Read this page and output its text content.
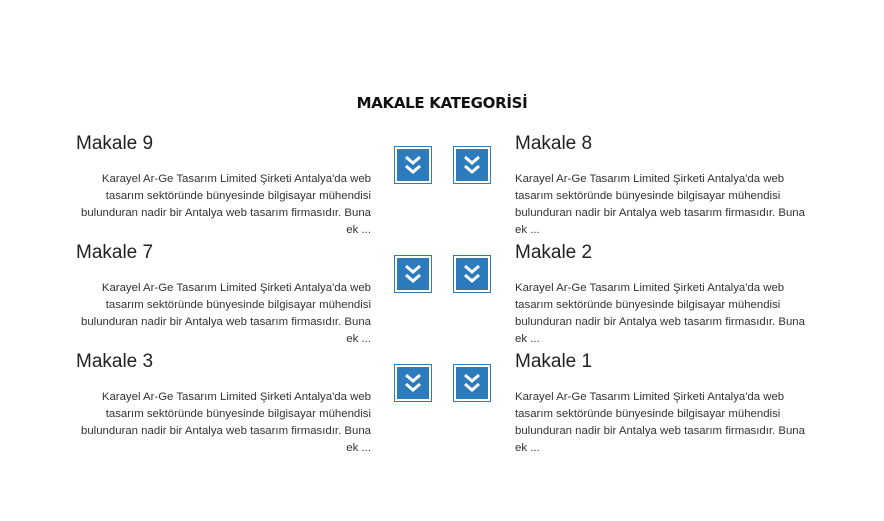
MAKALE KATEGORİSİ
Makale 9

Karayel Ar-Ge Tasarım Limited Şirketi Antalya'da web tasarım sektöründe bünyesinde bilgisayar mühendisi bulunduran nadir bir Antalya web tasarım firmasıdır. Buna ek ...

Makale 8

Karayel Ar-Ge Tasarım Limited Şirketi Antalya'da web tasarım sektöründe bünyesinde bilgisayar mühendisi bulunduran nadir bir Antalya web tasarım firmasıdır. Buna ek ...

Makale 7

Karayel Ar-Ge Tasarım Limited Şirketi Antalya'da web tasarım sektöründe bünyesinde bilgisayar mühendisi bulunduran nadir bir Antalya web tasarım firmasıdır. Buna ek ...

Makale 2

Karayel Ar-Ge Tasarım Limited Şirketi Antalya'da web tasarım sektöründe bünyesinde bilgisayar mühendisi bulunduran nadir bir Antalya web tasarım firmasıdır. Buna ek ...

Makale 3

Karayel Ar-Ge Tasarım Limited Şirketi Antalya'da web tasarım sektöründe bünyesinde bilgisayar mühendisi bulunduran nadir bir Antalya web tasarım firmasıdır. Buna ek ...

Makale 1

Karayel Ar-Ge Tasarım Limited Şirketi Antalya'da web tasarım sektöründe bünyesinde bilgisayar mühendisi bulunduran nadir bir Antalya web tasarım firmasıdır. Buna ek ...
